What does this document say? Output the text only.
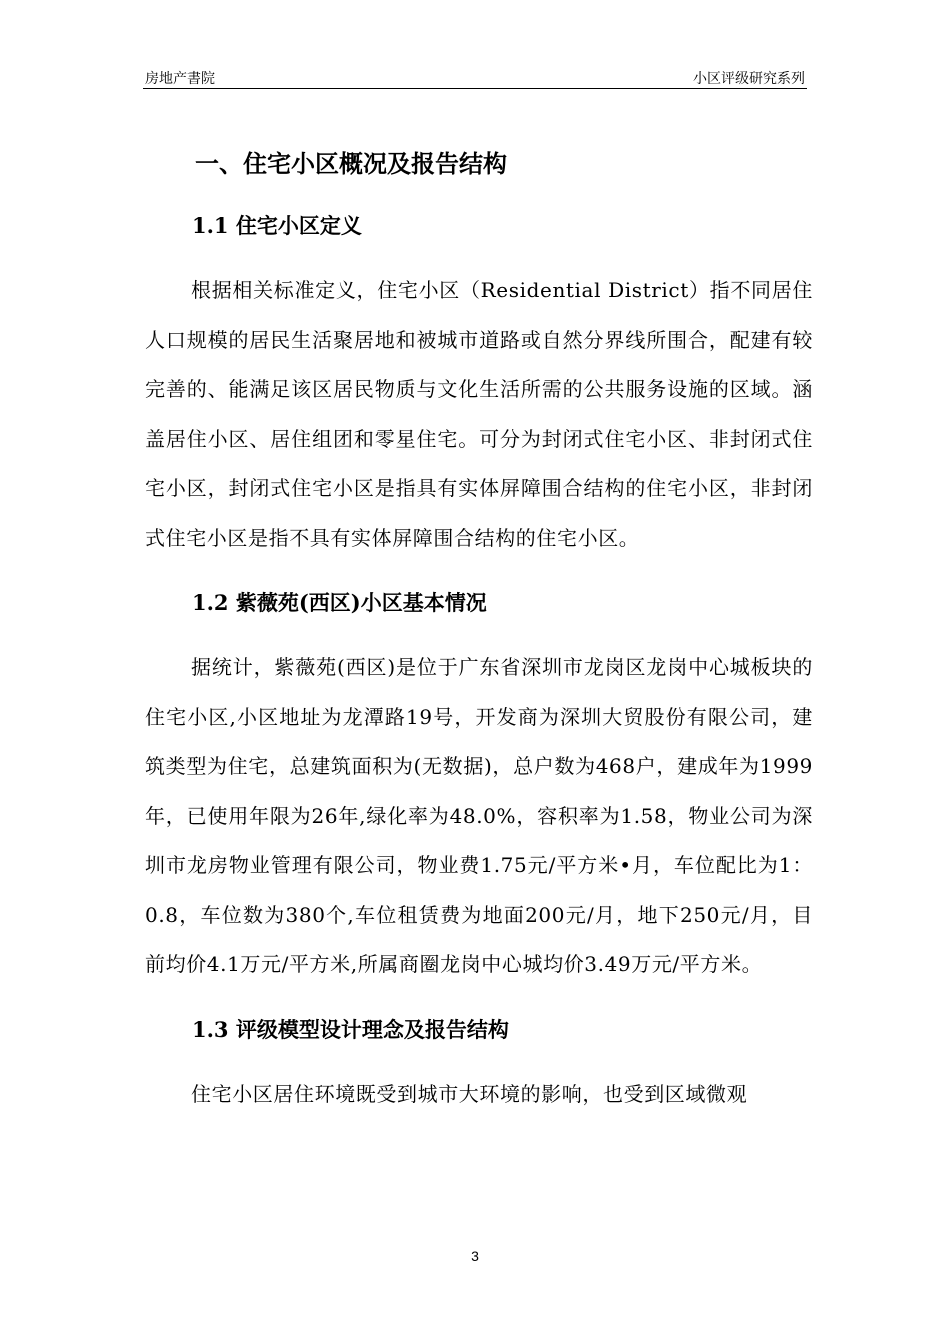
房地产書院	小区评级研究系列
一、住宅小区概况及报告结构
1.1 住宅小区定义

根据相关标准定义，住宅小区（Residential District）指不同居住人口规模的居民生活聚居地和被城市道路或自然分界线所围合，配建有较完善的、能满足该区居民物质与文化生活所需的公共服务设施的区域。涵盖居住小区、居住组团和零星住宅。可分为封闭式住宅小区、非封闭式住宅小区，封闭式住宅小区是指具有实体屏障围合结构的住宅小区，非封闭式住宅小区是指不具有实体屏障围合结构的住宅小区。

1.2 紫薇苑(西区)小区基本情况

据统计，紫薇苑(西区)是位于广东省深圳市龙岗区龙岗中心城板块的住宅小区,小区地址为龙潭路19号，开发商为深圳大贸股份有限公司，建筑类型为住宅，总建筑面积为(无数据)，总户数为468户，建成年为1999年，已使用年限为26年,绿化率为48.0%，容积率为1.58，物业公司为深圳市龙房物业管理有限公司，物业费1.75元/平方米•月，车位配比为1：0.8，车位数为380个,车位租赁费为地面200元/月，地下250元/月，目前均价4.1万元/平方米,所属商圈龙岗中心城均价3.49万元/平方米。

1.3 评级模型设计理念及报告结构

住宅小区居住环境既受到城市大环境的影响，也受到区域微观

3
